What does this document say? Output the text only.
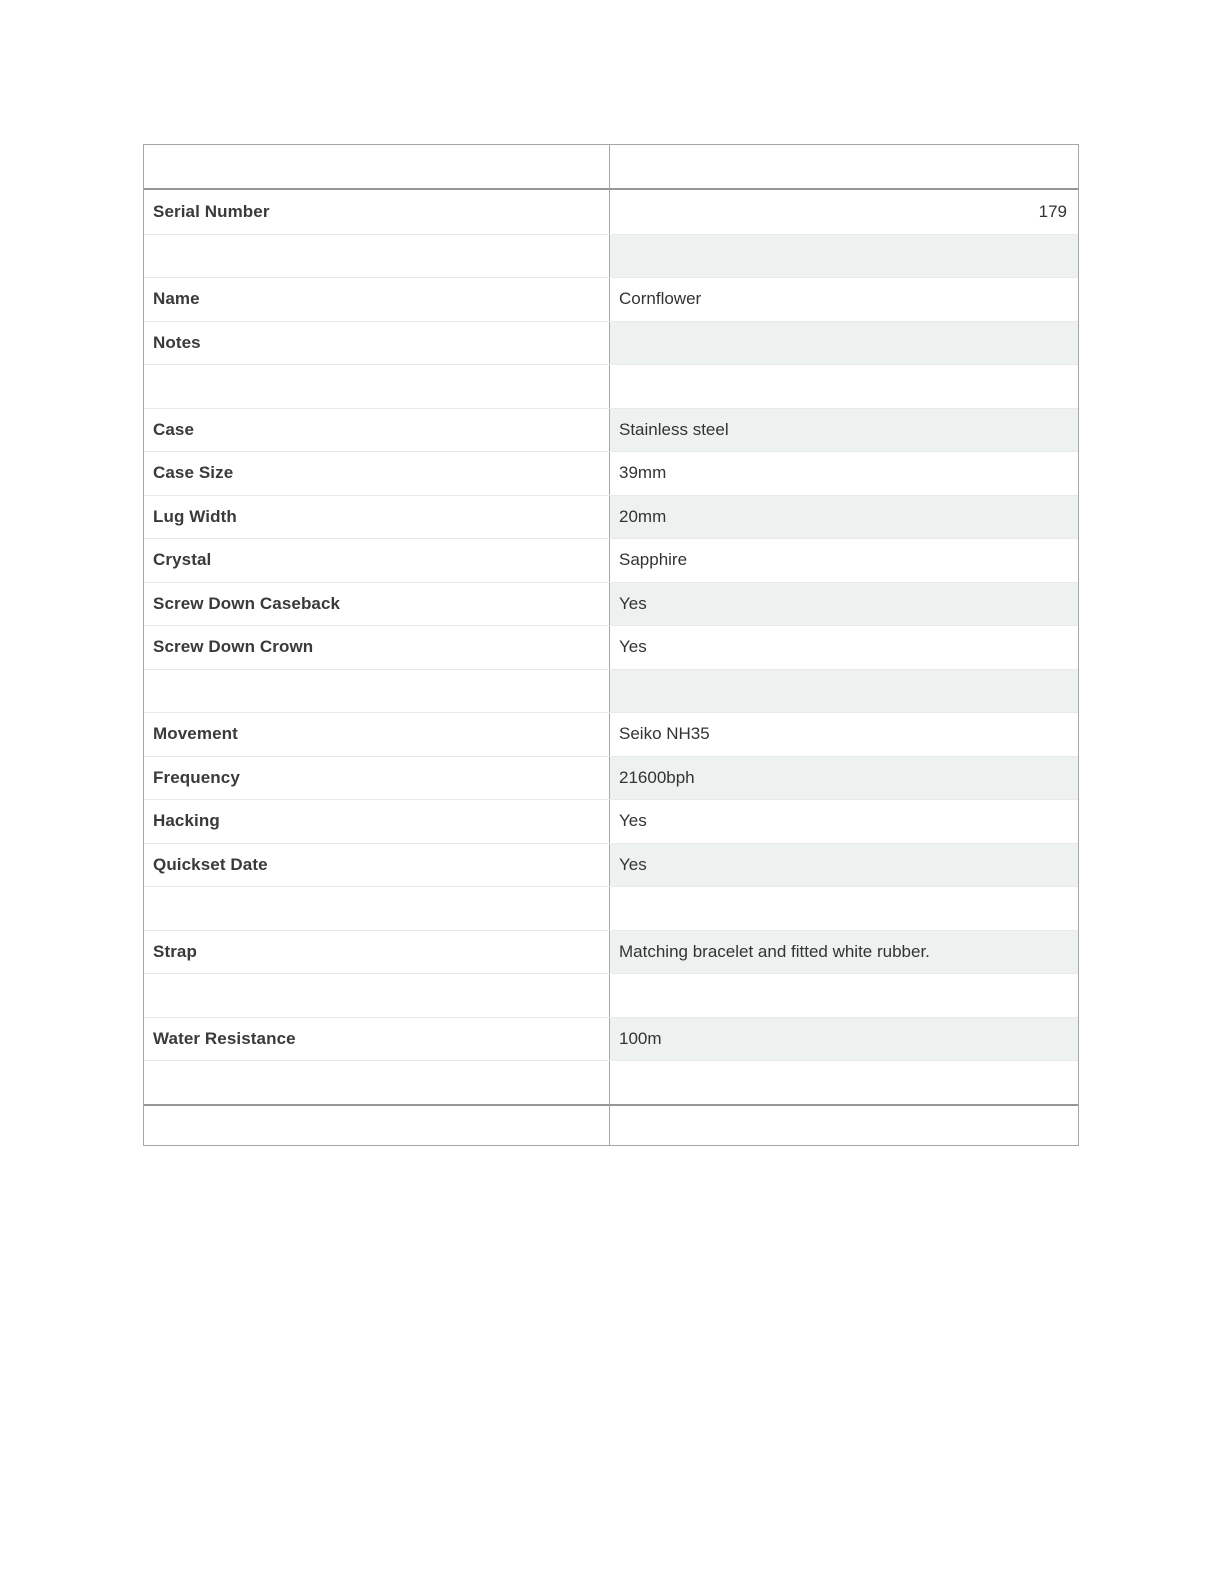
Serial Number	179
Name	Cornflower
Notes
Case	Stainless steel
Case Size	39mm
Lug Width	20mm
Crystal	Sapphire
Screw Down Caseback	Yes
Screw Down Crown	Yes
Movement	Seiko NH35
Frequency	21600bph
Hacking	Yes
Quickset Date	Yes
Strap	Matching bracelet and fitted white rubber.
Water Resistance	100m
